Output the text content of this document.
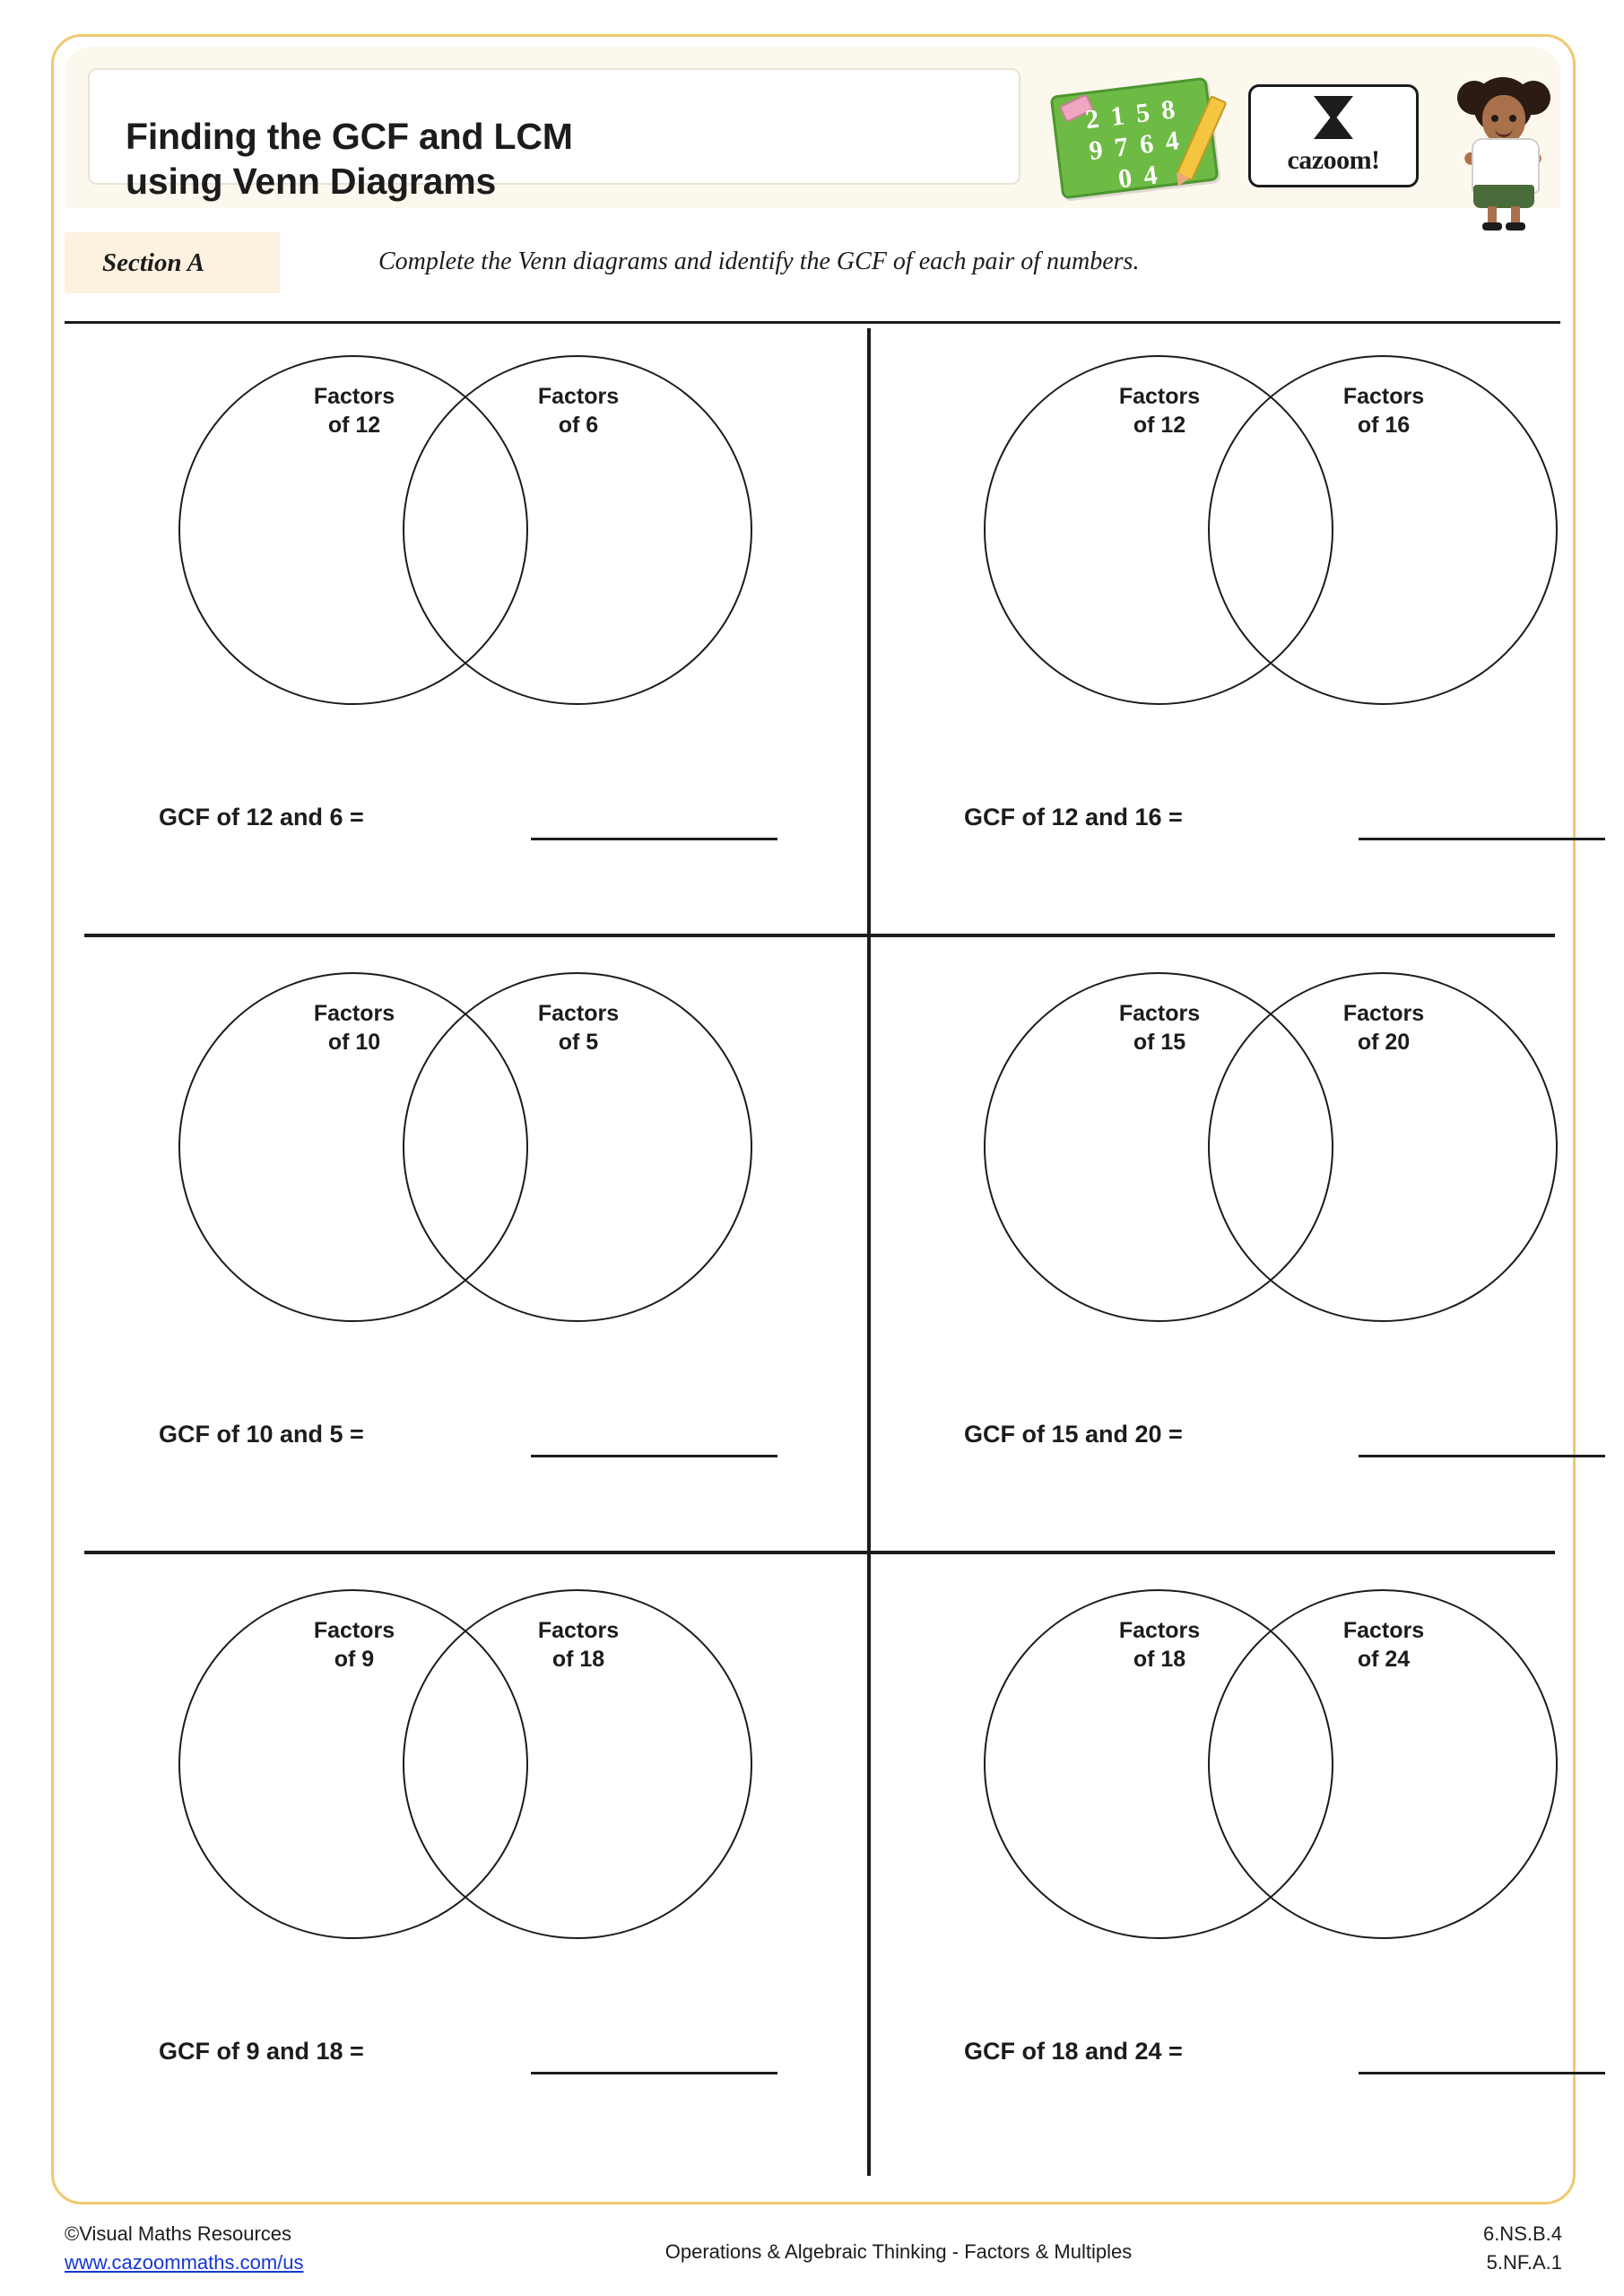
Finding the GCF and LCM
using Venn Diagrams
2 1 5 8
9 7 6 4
0 4	cazoom!
Section A	Complete the Venn diagrams and identify the GCF of each pair of numbers.
Factors
of 12
Factors
of 6
GCF of 12 and 6 =
Factors
of 12
Factors
of 16
GCF of 12 and 16 =
Factors
of 10
Factors
of 5
GCF of 10 and 5 =
Factors
of 15
Factors
of 20
GCF of 15 and 20 =
Factors
of 9
Factors
of 18
GCF of 9 and 18 =
Factors
of 18
Factors
of 24
GCF of 18 and 24 =
©Visual Maths Resources
www.cazoommaths.com/us	Operations & Algebraic Thinking - Factors & Multiples
6.NS.B.4
5.NF.A.1
